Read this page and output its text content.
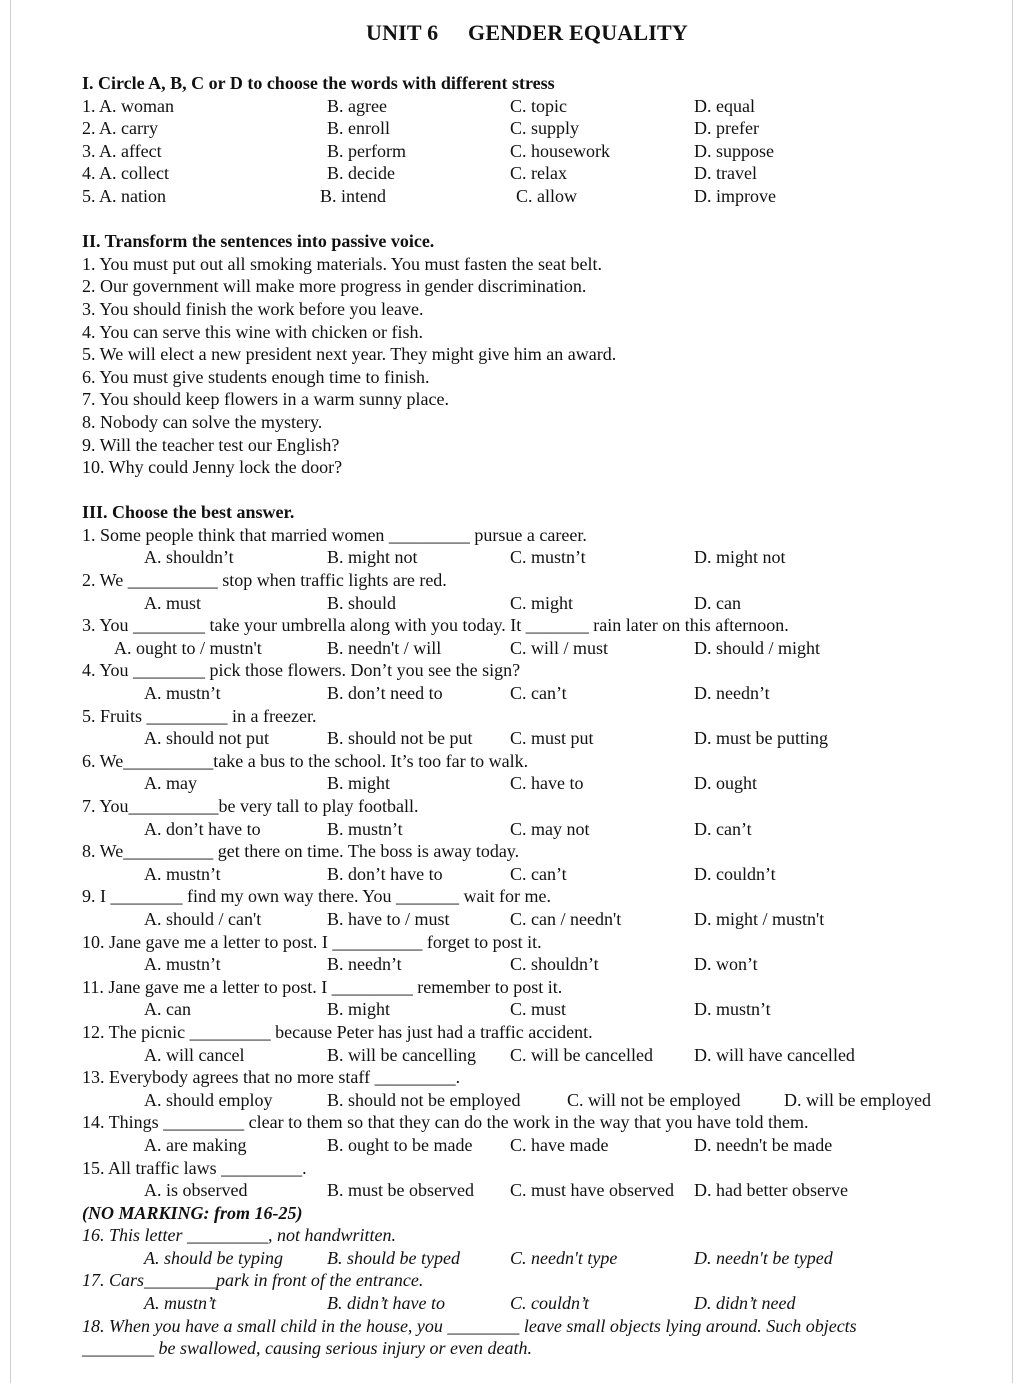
UNIT 6 GENDER EQUALITY
I. Circle A, B, C or D to choose the words with different stress
1. A. woman	B. agree	C. topic	D. equal
2. A. carry	B. enroll	C. supply	D. prefer
3. A. affect	B. perform	C. housework	D. suppose
4. A. collect	B. decide	C. relax	D. travel
5. A. nation	B. intend	C. allow	D. improve
II. Transform the sentences into passive voice.
1. You must put out all smoking materials. You must fasten the seat belt.
2. Our government will make more progress in gender discrimination.
3. You should finish the work before you leave.
4. You can serve this wine with chicken or fish.
5. We will elect a new president next year. They might give him an award.
6. You must give students enough time to finish.
7. You should keep flowers in a warm sunny place.
8. Nobody can solve the mystery.
9. Will the teacher test our English?
10. Why could Jenny lock the door?
III. Choose the best answer.
1. Some people think that married women _________ pursue a career.
A. shouldn’t	B. might not	C. mustn’t	D. might not
2. We __________ stop when traffic lights are red.
A. must	B. should	C. might	D. can
3. You ________ take your umbrella along with you today. It _______ rain later on this afternoon.
A. ought to / mustn't	B. needn't / will	C. will / must	D. should / might
4. You ________ pick those flowers. Don’t you see the sign?
A. mustn’t	B. don’t need to	C. can’t	D. needn’t
5. Fruits _________ in a freezer.
A. should not put	B. should not be put C. must put	D. must be putting
6. We__________take a bus to the school. It’s too far to walk.
A. may	B. might	C. have to	D. ought
7. You__________be very tall to play football.
A. don’t have to	B. mustn’t	C. may not	D. can’t
8. We__________ get there on time. The boss is away today.
A. mustn’t	B. don’t have to	C. can’t	D. couldn’t
9. I ________ find my own way there. You _______ wait for me.
A. should / can't	B. have to / must	C. can / needn't	D. might / mustn't
10. Jane gave me a letter to post. I __________ forget to post it.
A. mustn’t	B. needn’t	C. shouldn’t	D. won’t
11. Jane gave me a letter to post. I _________ remember to post it.
A. can	B. might	C. must	D. mustn’t
12. The picnic _________ because Peter has just had a traffic accident.
A. will cancel	B. will be cancelling C. will be cancelled D. will have cancelled
13. Everybody agrees that no more staff _________.
A. should employ	B. should not be employed	C. will not be employed D. will be employed
14. Things _________ clear to them so that they can do the work in the way that you have told them.
A. are making	B. ought to be made C. have made	D. needn't be made
15. All traffic laws _________.
A. is observed	B. must be observed C. must have observed D. had better observe
(NO MARKING: from 16-25)
16. This letter _________, not handwritten.
A. should be typing B. should be typed	C. needn't type	D. needn't be typed
17. Cars________park in front of the entrance.
A. mustn’t	B. didn’t have to	C. couldn’t	D. didn’t need
18. When you have a small child in the house, you ________ leave small objects lying around. Such objects
________ be swallowed, causing serious injury or even death.
